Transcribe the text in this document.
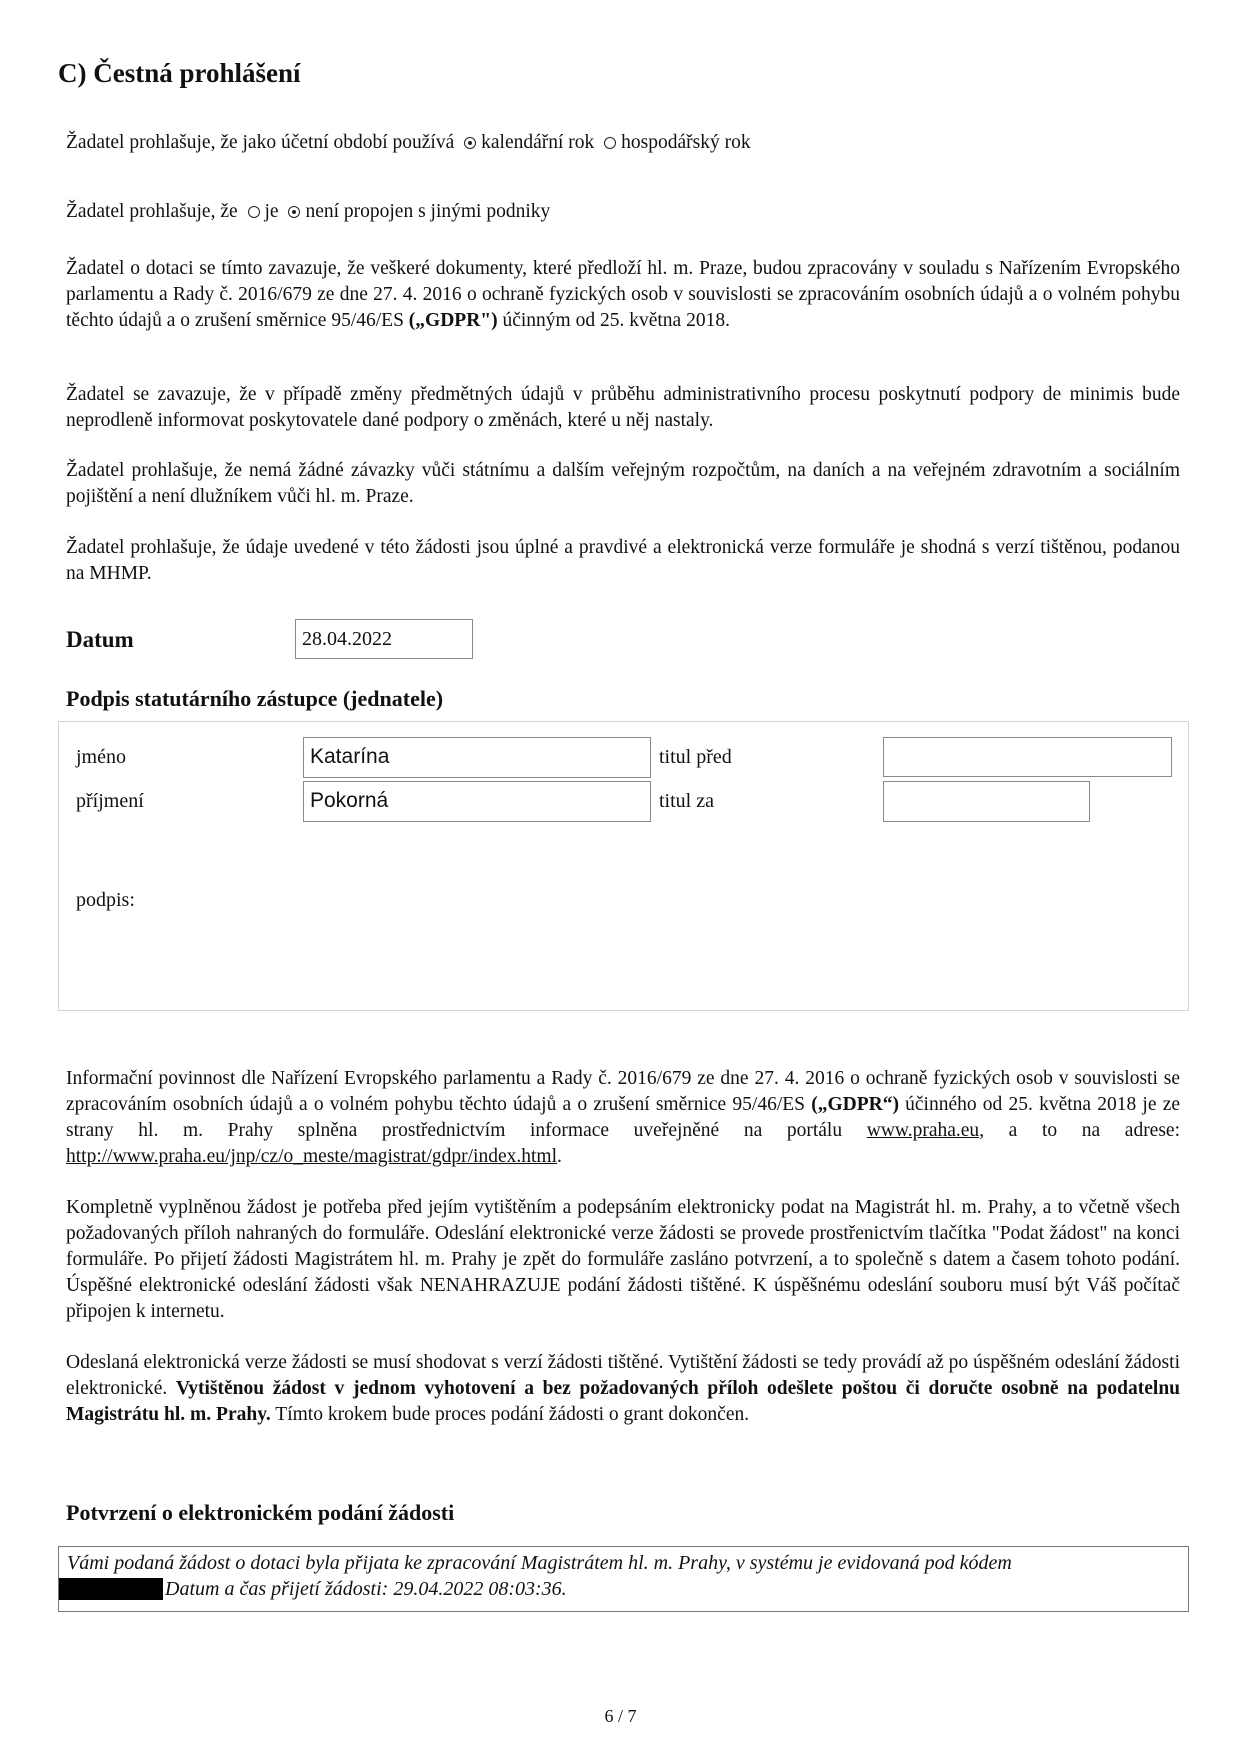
C) Čestná prohlášení
Žadatel prohlašuje, že jako účetní období používá kalendářní rok hospodářský rok
Žadatel prohlašuje, že je není propojen s jinými podniky
Žadatel o dotaci se tímto zavazuje, že veškeré dokumenty, které předloží hl. m. Praze, budou zpracovány v souladu s Nařízením Evropského parlamentu a Rady č. 2016/679 ze dne 27. 4. 2016 o ochraně fyzických osob v souvislosti se zpracováním osobních údajů a o volném pohybu těchto údajů a o zrušení směrnice 95/46/ES („GDPR") účinným od 25. května 2018.
Žadatel se zavazuje, že v případě změny předmětných údajů v průběhu administrativního procesu poskytnutí podpory de minimis bude neprodleně informovat poskytovatele dané podpory o změnách, které u něj nastaly.
Žadatel prohlašuje, že nemá žádné závazky vůči státnímu a dalším veřejným rozpočtům, na daních a na veřejném zdravotním a sociálním pojištění a není dlužníkem vůči hl. m. Praze.
Žadatel prohlašuje, že údaje uvedené v této žádosti jsou úplné a pravdivé a elektronická verze formuláře je shodná s verzí tištěnou, podanou na MHMP.
Datum	28.04.2022
Podpis statutárního zástupce (jednatele)
jméno	Katarína	titul před
příjmení	Pokorná	titul za
podpis:
Informační povinnost dle Nařízení Evropského parlamentu a Rady č. 2016/679 ze dne 27. 4. 2016 o ochraně fyzických osob v souvislosti se zpracováním osobních údajů a o volném pohybu těchto údajů a o zrušení směrnice 95/46/ES („GDPR“) účinného od 25. května 2018 je ze strany hl. m. Prahy splněna prostřednictvím informace uveřejněné na portálu www.praha.eu, a to na adrese: http://www.praha.eu/jnp/cz/o_meste/magistrat/gdpr/index.html.
Kompletně vyplněnou žádost je potřeba před jejím vytištěním a podepsáním elektronicky podat na Magistrát hl. m. Prahy, a to včetně všech požadovaných příloh nahraných do formuláře. Odeslání elektronické verze žádosti se provede prostřenictvím tlačítka "Podat žádost" na konci formuláře. Po přijetí žádosti Magistrátem hl. m. Prahy je zpět do formuláře zasláno potvrzení, a to společně s datem a časem tohoto podání. Úspěšné elektronické odeslání žádosti však NENAHRAZUJE podání žádosti tištěné. K úspěšnému odeslání souboru musí být Váš počítač připojen k internetu.
Odeslaná elektronická verze žádosti se musí shodovat s verzí žádosti tištěné. Vytištění žádosti se tedy provádí až po úspěšném odeslání žádosti elektronické. Vytištěnou žádost v jednom vyhotovení a bez požadovaných příloh odešlete poštou či doručte osobně na podatelnu Magistrátu hl. m. Prahy. Tímto krokem bude proces podání žádosti o grant dokončen.
Potvrzení o elektronickém podání žádosti
Vámi podaná žádost o dotaci byla přijata ke zpracování Magistrátem hl. m. Prahy, v systému je evidovaná pod kódem
Datum a čas přijetí žádosti: 29.04.2022 08:03:36.
6 / 7
